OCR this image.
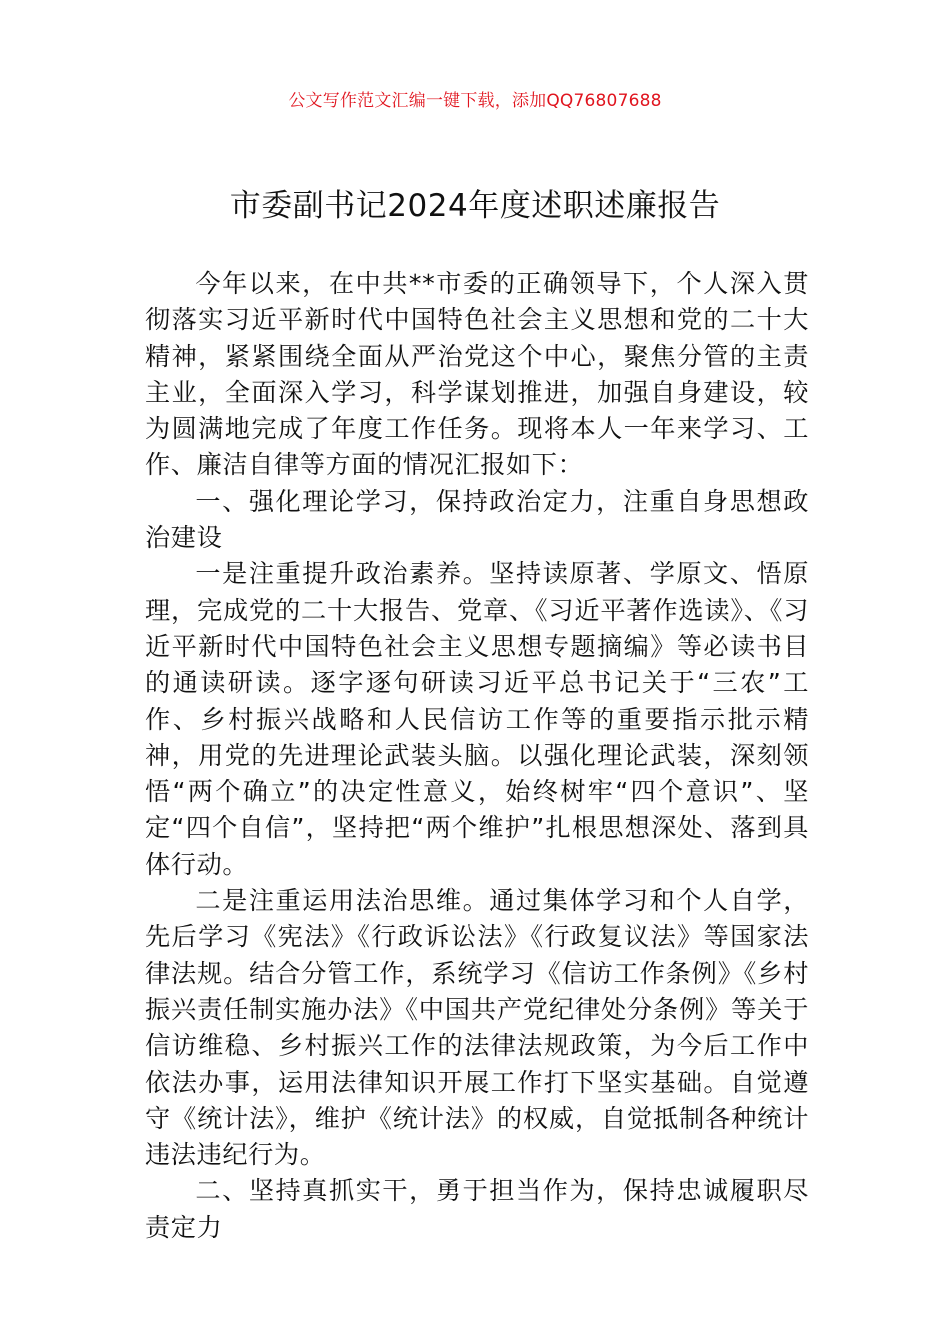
公文写作范文汇编一键下载，添加QQ76807688
市委副书记2024年度述职述廉报告

今年以来，在中共**市委的正确领导下，个人深入贯彻落实习近平新时代中国特色社会主义思想和党的二十大精神，紧紧围绕全面从严治党这个中心，聚焦分管的主责主业，全面深入学习，科学谋划推进，加强自身建设，较为圆满地完成了年度工作任务。现将本人一年来学习、工作、廉洁自律等方面的情况汇报如下：

一、强化理论学习，保持政治定力，注重自身思想政治建设

一是注重提升政治素养。坚持读原著、学原文、悟原理，完成党的二十大报告、党章、《习近平著作选读》、《习近平新时代中国特色社会主义思想专题摘编》等必读书目的通读研读。逐字逐句研读习近平总书记关于“三农”工作、乡村振兴战略和人民信访工作等的重要指示批示精神，用党的先进理论武装头脑。以强化理论武装，深刻领悟“两个确立”的决定性意义，始终树牢“四个意识”、坚定“四个自信”，坚持把“两个维护”扎根思想深处、落到具体行动。

二是注重运用法治思维。通过集体学习和个人自学，先后学习《宪法》《行政诉讼法》《行政复议法》等国家法律法规。结合分管工作，系统学习《信访工作条例》《乡村振兴责任制实施办法》《中国共产党纪律处分条例》等关于信访维稳、乡村振兴工作的法律法规政策，为今后工作中依法办事，运用法律知识开展工作打下坚实基础。自觉遵守《统计法》，维护《统计法》的权威，自觉抵制各种统计违法违纪行为。

二、坚持真抓实干，勇于担当作为，保持忠诚履职尽责定力
